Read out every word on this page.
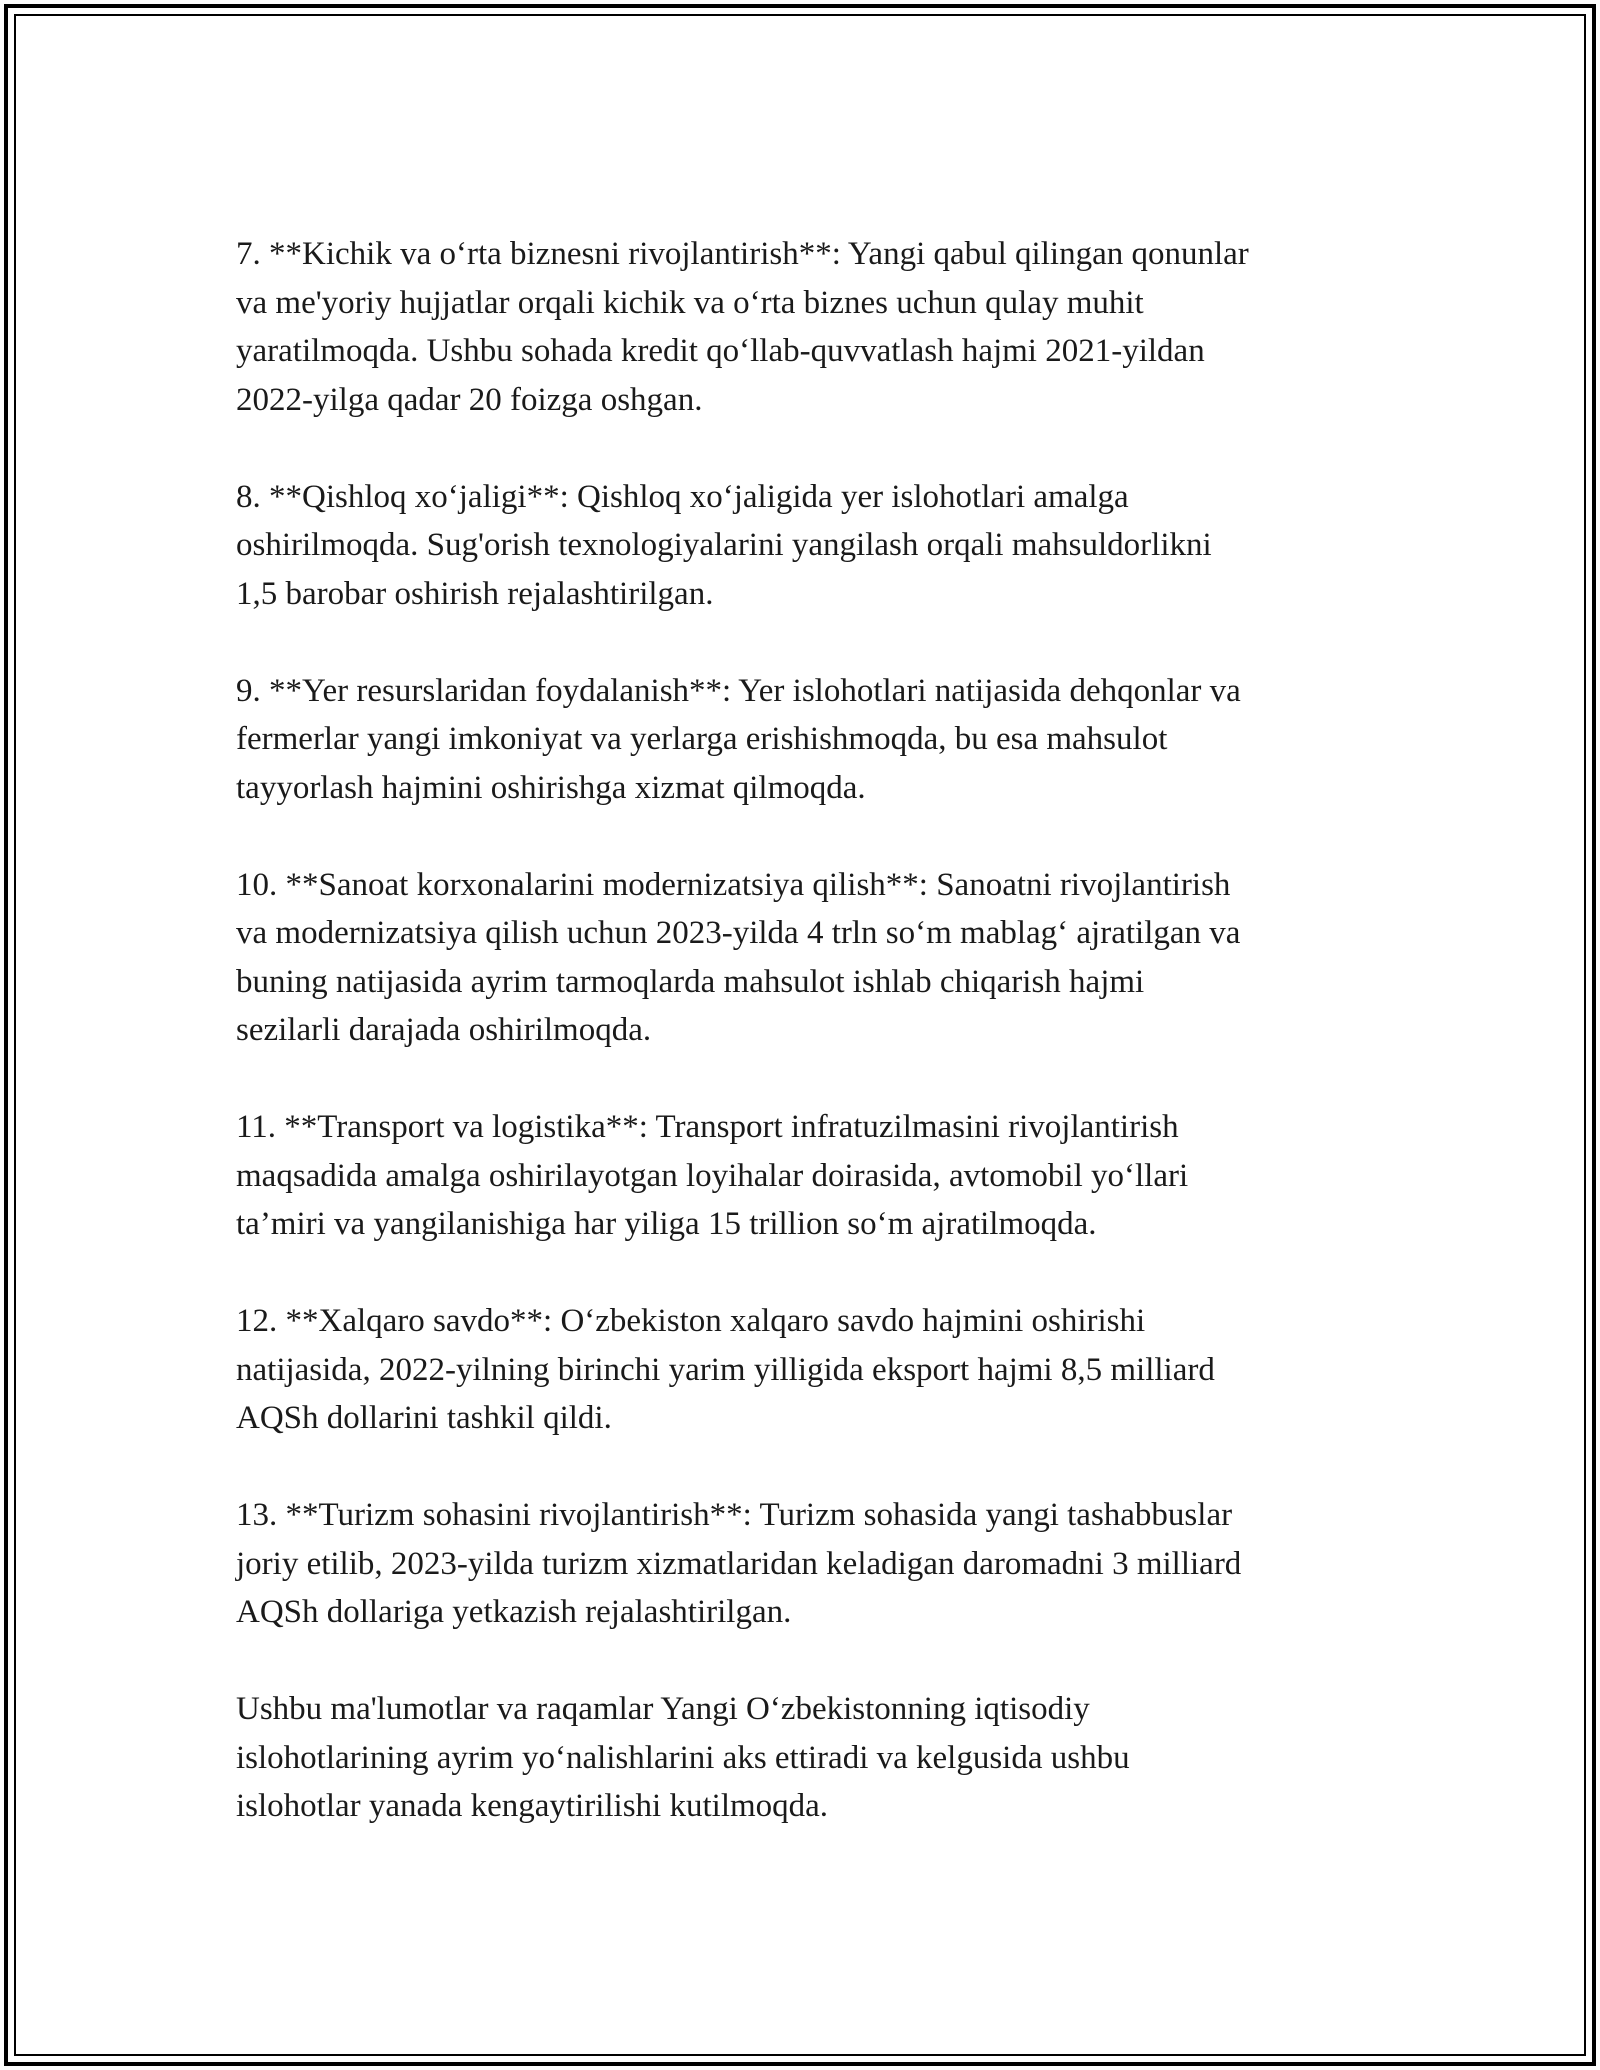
7. **Kichik va o‘rta biznesni rivojlantirish**: Yangi qabul qilingan qonunlar
va me'yoriy hujjatlar orqali kichik va o‘rta biznes uchun qulay muhit
yaratilmoqda. Ushbu sohada kredit qo‘llab-quvvatlash hajmi 2021-yildan
2022-yilga qadar 20 foizga oshgan.

8. **Qishloq xo‘jaligi**: Qishloq xo‘jaligida yer islohotlari amalga
oshirilmoqda. Sug'orish texnologiyalarini yangilash orqali mahsuldorlikni
1,5 barobar oshirish rejalashtirilgan.

9. **Yer resurslaridan foydalanish**: Yer islohotlari natijasida dehqonlar va
fermerlar yangi imkoniyat va yerlarga erishishmoqda, bu esa mahsulot
tayyorlash hajmini oshirishga xizmat qilmoqda.

10. **Sanoat korxonalarini modernizatsiya qilish**: Sanoatni rivojlantirish
va modernizatsiya qilish uchun 2023-yilda 4 trln so‘m mablag‘ ajratilgan va
buning natijasida ayrim tarmoqlarda mahsulot ishlab chiqarish hajmi
sezilarli darajada oshirilmoqda.

11. **Transport va logistika**: Transport infratuzilmasini rivojlantirish
maqsadida amalga oshirilayotgan loyihalar doirasida, avtomobil yo‘llari
ta’miri va yangilanishiga har yiliga 15 trillion so‘m ajratilmoqda.

12. **Xalqaro savdo**: O‘zbekiston xalqaro savdo hajmini oshirishi
natijasida, 2022-yilning birinchi yarim yilligida eksport hajmi 8,5 milliard
AQSh dollarini tashkil qildi.

13. **Turizm sohasini rivojlantirish**: Turizm sohasida yangi tashabbuslar
joriy etilib, 2023-yilda turizm xizmatlaridan keladigan daromadni 3 milliard
AQSh dollariga yetkazish rejalashtirilgan.

Ushbu ma'lumotlar va raqamlar Yangi O‘zbekistonning iqtisodiy
islohotlarining ayrim yo‘nalishlarini aks ettiradi va kelgusida ushbu
islohotlar yanada kengaytirilishi kutilmoqda.
